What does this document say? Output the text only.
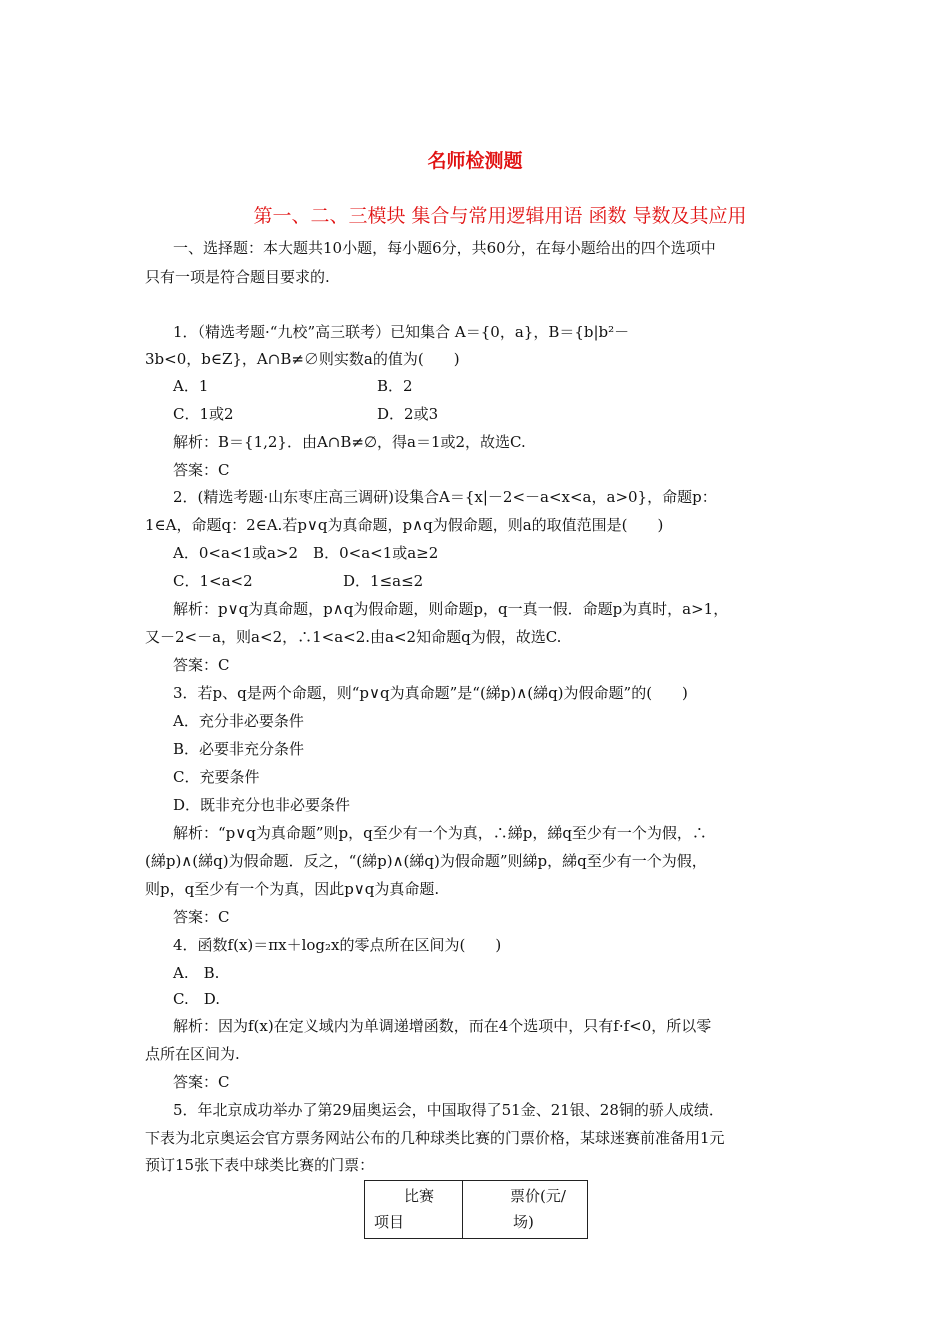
名师检测题
第一、二、三模块 集合与常用逻辑用语 函数 导数及其应用
一、选择题：本大题共10小题，每小题6分，共60分，在每小题给出的四个选项中
只有一项是符合题目要求的.
1．（精选考题·“九校”高三联考）已知集合 A＝{0，a}，B＝{b|b²－
3b<0，b∈Z}，A∩B≠∅则实数a的值为(　　)
A．1	B．2
C．1或2	D．2或3
解析：B＝{1,2}．由A∩B≠∅，得a＝1或2，故选C.
答案：C
2．(精选考题·山东枣庄高三调研)设集合A＝{x|－2<－a<x<a，a>0}，命题p：
1∈A，命题q：2∈A.若p∨q为真命题，p∧q为假命题，则a的取值范围是(　　)
A．0<a<1或a>2　B．0<a<1或a≥2
C．1<a<2	D．1≤a≤2
解析：p∨q为真命题，p∧q为假命题，则命题p，q一真一假．命题p为真时，a>1，
又－2<－a，则a<2，∴1<a<2.由a<2知命题q为假，故选C.
答案：C
3．若p、q是两个命题，则“p∨q为真命题”是“(綈p)∧(綈q)为假命题”的(　　)
A．充分非必要条件
B．必要非充分条件
C．充要条件
D．既非充分也非必要条件
解析：“p∨q为真命题”则p，q至少有一个为真，∴綈p，綈q至少有一个为假，∴
(綈p)∧(綈q)为假命题．反之，“(綈p)∧(綈q)为假命题”则綈p，綈q至少有一个为假，
则p，q至少有一个为真，因此p∨q为真命题.
答案：C
4．函数f(x)＝πx＋log₂x的零点所在区间为(　　)
A.　B.
C.　D.
解析：因为f(x)在定义域内为单调递增函数，而在4个选项中，只有f·f<0，所以零
点所在区间为.
答案：C
5．年北京成功举办了第29届奥运会，中国取得了51金、21银、28铜的骄人成绩．
下表为北京奥运会官方票务网站公布的几种球类比赛的门票价格，某球迷赛前准备用1元
预订15张下表中球类比赛的门票：
比赛
项目

票价(元/
场)
